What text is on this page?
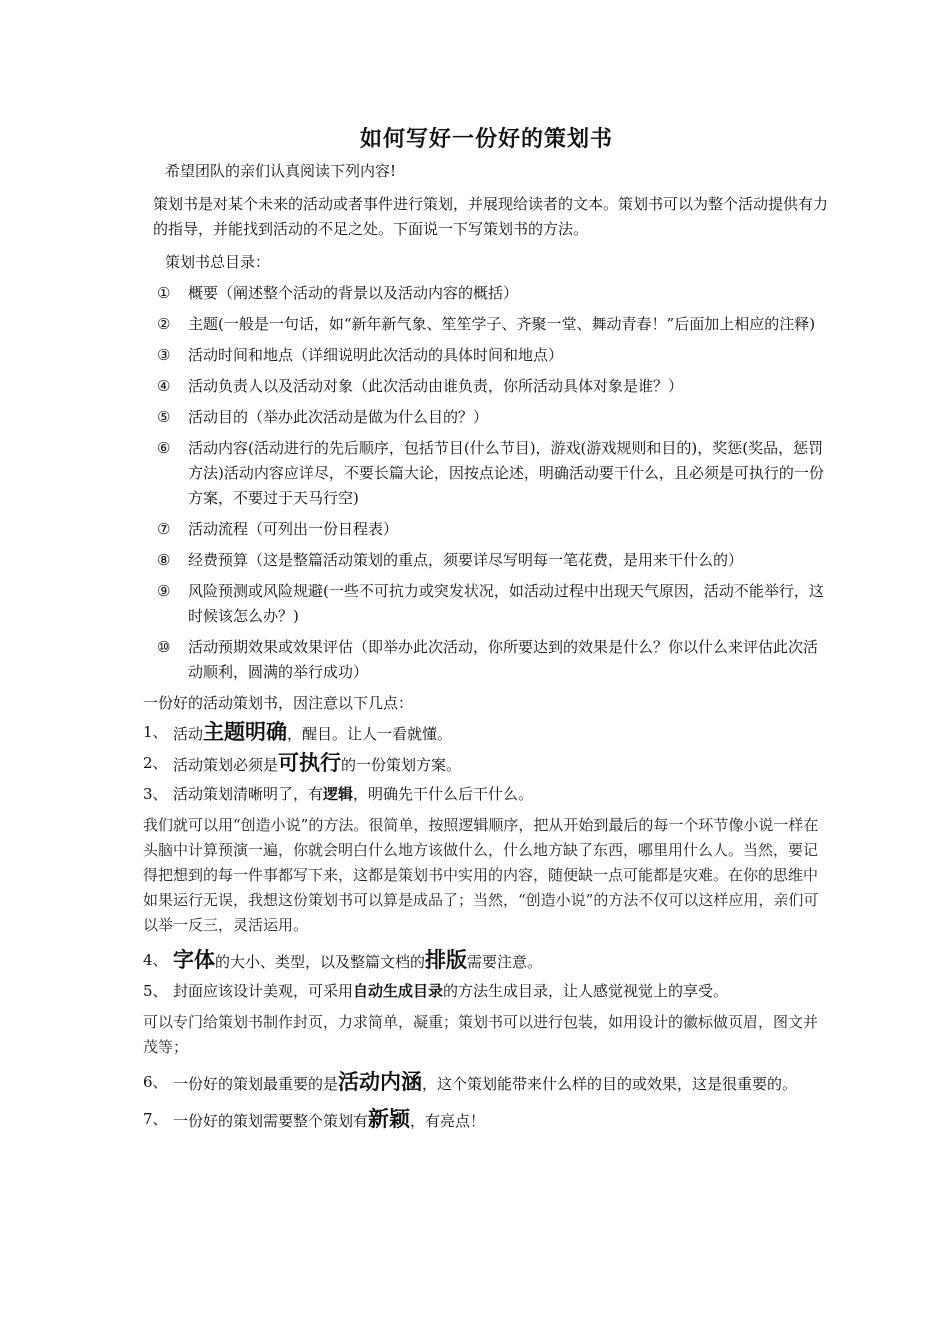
如何写好一份好的策划书

希望团队的亲们认真阅读下列内容!

策划书是对某个未来的活动或者事件进行策划，并展现给读者的文本。策划书可以为整个活动提供有力的指导，并能找到活动的不足之处。下面说一下写策划书的方法。

策划书总目录：

① 概要（阐述整个活动的背景以及活动内容的概括）
② 主题(一般是一句话，如“新年新气象、笙笙学子、齐聚一堂、舞动青春！”后面加上相应的注释)
③ 活动时间和地点（详细说明此次活动的具体时间和地点）
④ 活动负责人以及活动对象（此次活动由谁负责，你所活动具体对象是谁？）
⑤ 活动目的（举办此次活动是做为什么目的？）
⑥ 活动内容(活动进行的先后顺序，包括节目(什么节目)，游戏(游戏规则和目的)，奖惩(奖品，惩罚方法)活动内容应详尽，不要长篇大论，因按点论述，明确活动要干什么，且必须是可执行的一份方案，不要过于天马行空)
⑦ 活动流程（可列出一份日程表）
⑧ 经费预算（这是整篇活动策划的重点，须要详尽写明每一笔花费，是用来干什么的）
⑨ 风险预测或风险规避(一些不可抗力或突发状况，如活动过程中出现天气原因，活动不能举行，这时候该怎么办？)
⑩ 活动预期效果或效果评估（即举办此次活动，你所要达到的效果是什么？你以什么来评估此次活动顺利，圆满的举行成功）

一份好的活动策划书，因注意以下几点：

1、 活动主题明确，醒目。让人一看就懂。
2、 活动策划必须是可执行的一份策划方案。
3、 活动策划清晰明了，有逻辑，明确先干什么后干什么。

我们就可以用“创造小说”的方法。很简单，按照逻辑顺序，把从开始到最后的每一个环节像小说一样在头脑中计算预演一遍，你就会明白什么地方该做什么，什么地方缺了东西，哪里用什么人。当然，要记得把想到的每一件事都写下来，这都是策划书中实用的内容，随便缺一点可能都是灾难。在你的思维中如果运行无误，我想这份策划书可以算是成品了；当然，“创造小说”的方法不仅可以这样应用，亲们可以举一反三，灵活运用。

4、 字体的大小、类型，以及整篇文档的排版需要注意。
5、 封面应该设计美观，可采用自动生成目录的方法生成目录，让人感觉视觉上的享受。

可以专门给策划书制作封页，力求简单，凝重；策划书可以进行包装，如用设计的徽标做页眉，图文并茂等；

6、 一份好的策划最重要的是活动内涵，这个策划能带来什么样的目的或效果，这是很重要的。
7、 一份好的策划需要整个策划有新颖，有亮点！
